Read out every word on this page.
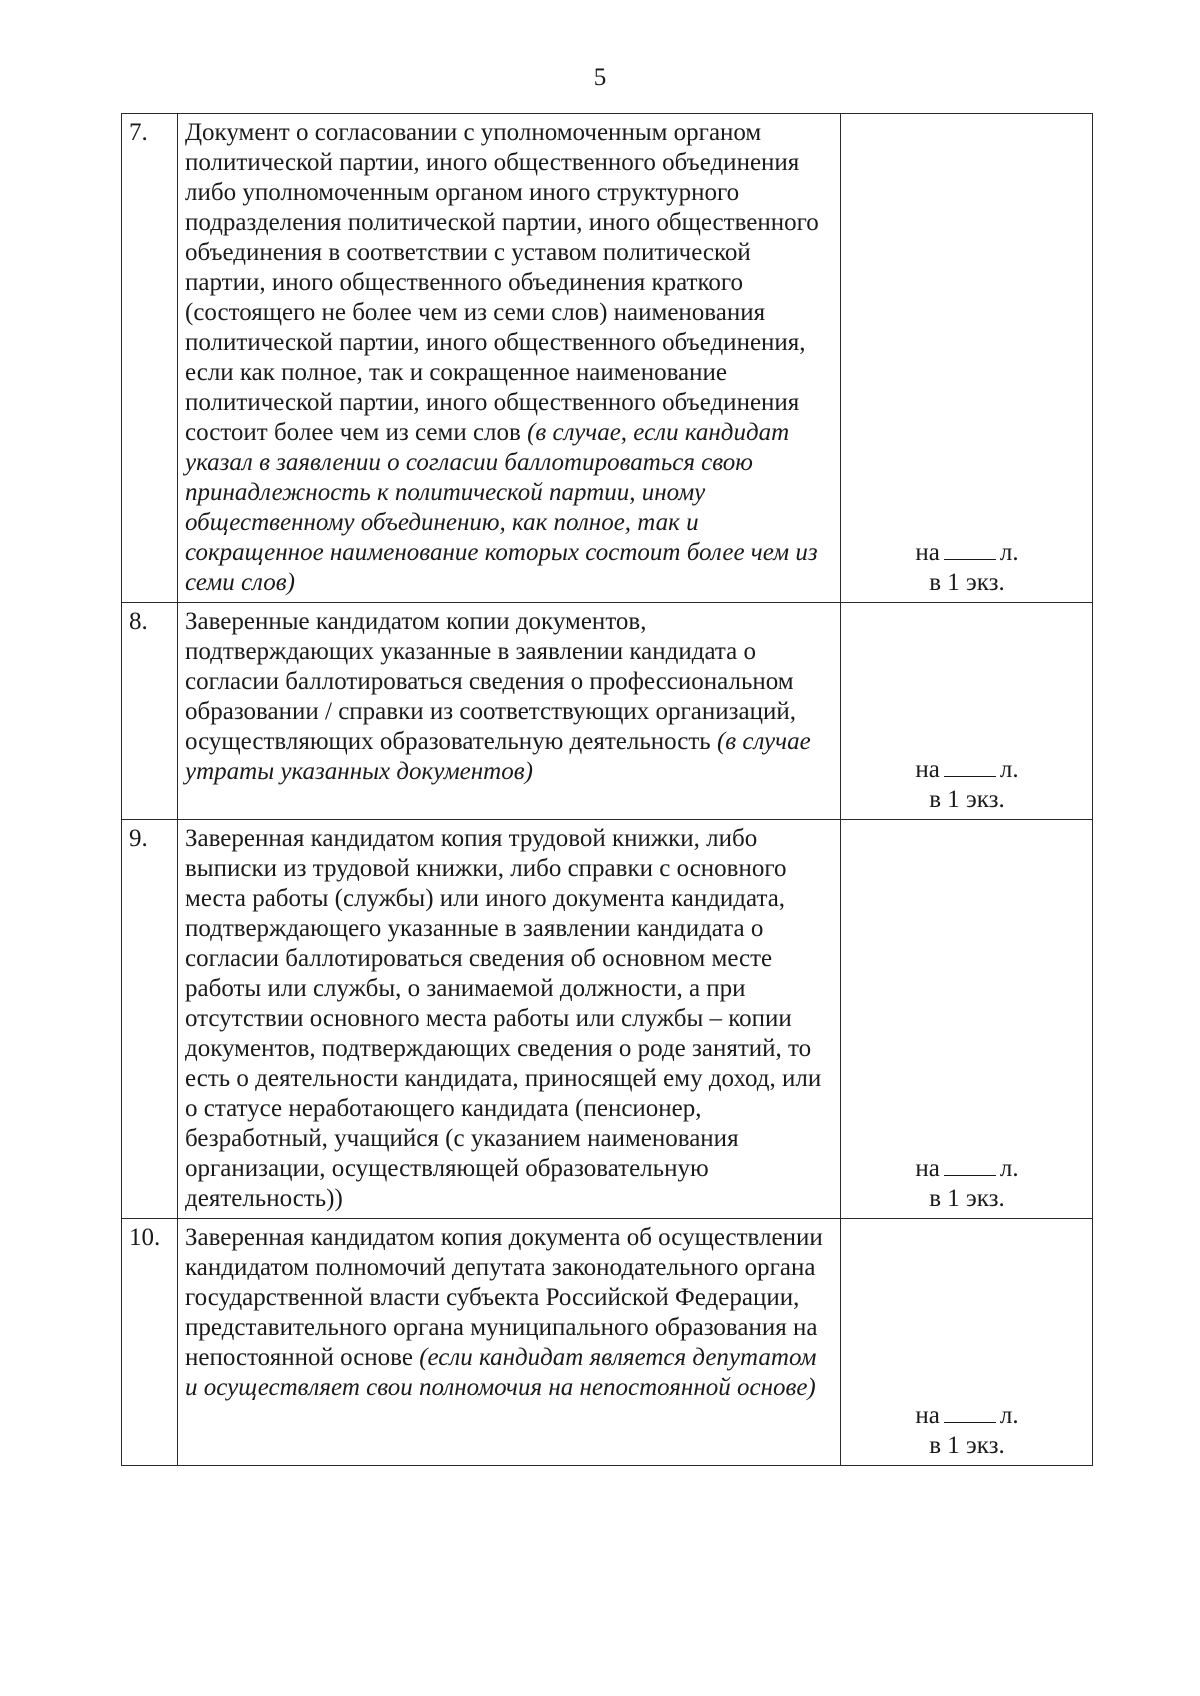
5
7.	Документ о согласовании с уполномоченным органом политической партии, иного общественного объединения либо уполномоченным органом иного структурного подразделения политической партии, иного общественного объединения в соответствии с уставом политической партии, иного общественного объединения краткого (состоящего не более чем из семи слов) наименования политической партии, иного общественного объединения, если как полное, так и сокращенное наименование политической партии, иного общественного объединения состоит более чем из семи слов (в случае, если кандидат указал в заявлении о согласии баллотироваться свою принадлежность к политической партии, иному общественному объединению, как полное, так и сокращенное наименование которых состоит более чем из семи слов)	на л.
в 1 экз.

8.	Заверенные кандидатом копии документов, подтверждающих указанные в заявлении кандидата о согласии баллотироваться сведения о профессиональном образовании / справки из соответствующих организаций, осуществляющих образовательную деятельность (в случае утраты указанных документов)	на л.
в 1 экз.

9.	Заверенная кандидатом копия трудовой книжки, либо выписки из трудовой книжки, либо справки с основного места работы (службы) или иного документа кандидата, подтверждающего указанные в заявлении кандидата о согласии баллотироваться сведения об основном месте работы или службы, о занимаемой должности, а при отсутствии основного места работы или службы – копии документов, подтверждающих сведения о роде занятий, то есть о деятельности кандидата, приносящей ему доход, или о статусе неработающего кандидата (пенсионер, безработный, учащийся (с указанием наименования организации, осуществляющей образовательную деятельность))	на л.
в 1 экз.

10.	Заверенная кандидатом копия документа об осуществлении кандидатом полномочий депутата законодательного органа государственной власти субъекта Российской Федерации, представительного органа муниципального образования на непостоянной основе (если кандидат является депутатом и осуществляет свои полномочия на непостоянной основе)	на л.
в 1 экз.
